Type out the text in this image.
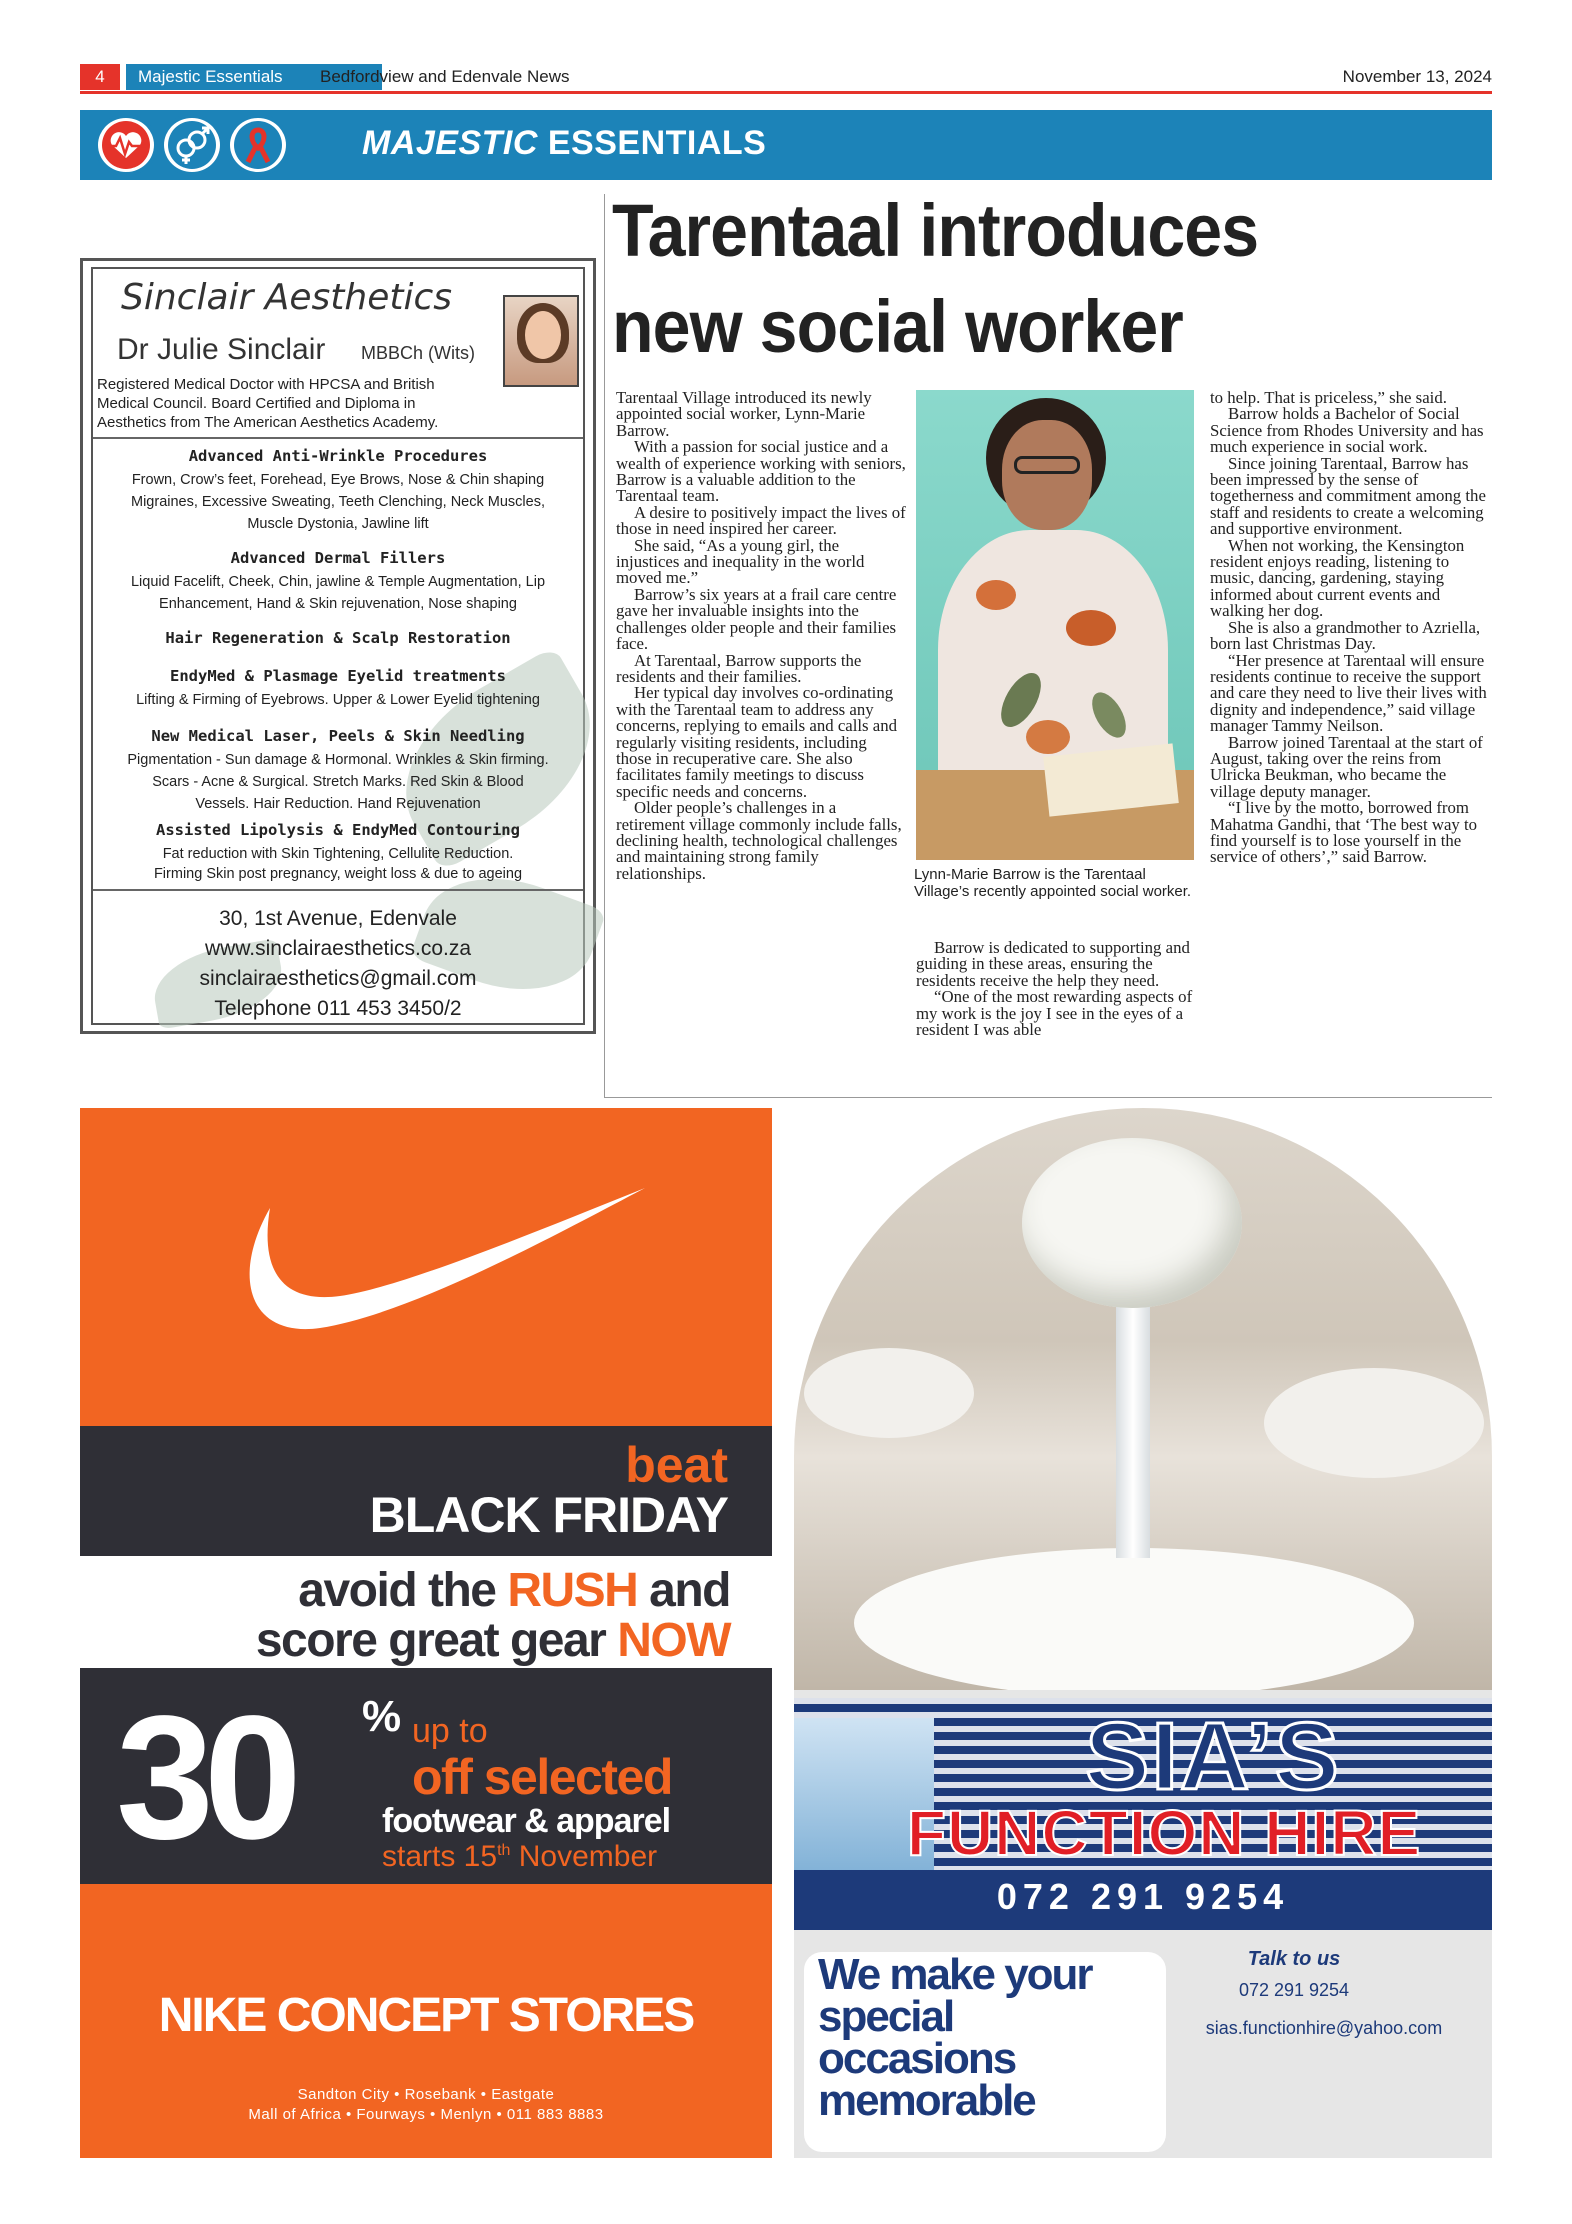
4	Majestic Essentials	Bedfordview and Edenvale News	November 13, 2024
MAJESTIC ESSENTIALS
Sinclair Aesthetics
Dr Julie Sinclair MBBCh (Wits)
Registered Medical Doctor with HPCSA and British Medical Council. Board Certified and Diploma in Aesthetics from The American Aesthetics Academy.
Advanced Anti-Wrinkle Procedures
Frown, Crow’s feet, Forehead, Eye Brows, Nose & Chin shaping
Migraines, Excessive Sweating, Teeth Clenching, Neck Muscles,
Muscle Dystonia, Jawline lift
Advanced Dermal Fillers
Liquid Facelift, Cheek, Chin, jawline & Temple Augmentation, Lip
Enhancement, Hand & Skin rejuvenation, Nose shaping
Hair Regeneration & Scalp Restoration
EndyMed & Plasmage Eyelid treatments
Lifting & Firming of Eyebrows. Upper & Lower Eyelid tightening
New Medical Laser, Peels & Skin Needling
Pigmentation - Sun damage & Hormonal. Wrinkles & Skin firming.
Scars - Acne & Surgical. Stretch Marks. Red Skin & Blood
Vessels. Hair Reduction. Hand Rejuvenation
Assisted Lipolysis & EndyMed Contouring
Fat reduction with Skin Tightening, Cellulite Reduction.
Firming Skin post pregnancy, weight loss & due to ageing
30, 1st Avenue, Edenvale
www.sinclairaesthetics.co.za
sinclairaesthetics@gmail.com
Telephone 011 453 3450/2
Tarentaal introduces
new social worker

Tarentaal Village introduced its newly appointed social worker, Lynn-Marie Barrow.

With a passion for social justice and a wealth of experience working with seniors, Barrow is a valuable addition to the Tarentaal team.

A desire to positively impact the lives of those in need inspired her career.

She said, “As a young girl, the injustices and inequality in the world moved me.”

Barrow’s six years at a frail care centre gave her invaluable insights into the challenges older people and their families face.

At Tarentaal, Barrow supports the residents and their families.

Her typical day involves co-ordinating with the Tarentaal team to address any concerns, replying to emails and calls and regularly visiting residents, including those in recuperative care. She also facilitates family meetings to discuss specific needs and concerns.

Older people’s challenges in a retirement village commonly include falls, declining health, technological challenges and maintaining strong family relationships.	Lynn-Marie Barrow is the Tarentaal Village’s recently appointed social worker.

Barrow is dedicated to supporting and guiding in these areas, ensuring the residents receive the help they need.

“One of the most rewarding aspects of my work is the joy I see in the eyes of a resident I was able

to help. That is priceless,” she said.

Barrow holds a Bachelor of Social Science from Rhodes University and has much experience in social work.

Since joining Tarentaal, Barrow has been impressed by the sense of togetherness and commitment among the staff and residents to create a welcoming and supportive environment.

When not working, the Kensington resident enjoys reading, listening to music, dancing, gardening, staying informed about current events and walking her dog.

She is also a grandmother to Azriella, born last Christmas Day.

“Her presence at Tarentaal will ensure residents continue to receive the support and care they need to live their lives with dignity and independence,” said village manager Tammy Neilson.

Barrow joined Tarentaal at the start of August, taking over the reins from Ulricka Beukman, who became the village deputy manager.

“I live by the motto, borrowed from Mahatma Gandhi, that ‘The best way to find yourself is to lose yourself in the service of others’,” said Barrow.

beat
BLACK FRIDAY
avoid the RUSH and
score great gear NOW
30 % up to
off selected
footwear & apparel
starts 15th November
NIKE CONCEPT STORES
Sandton City • Rosebank • Eastgate
Mall of Africa • Fourways • Menlyn • 011 883 8883
SIA’S
FUNCTION HIRE
072 291 9254
We make your
special
occasions
memorable
Talk to us
072 291 9254
sias.functionhire@yahoo.com
